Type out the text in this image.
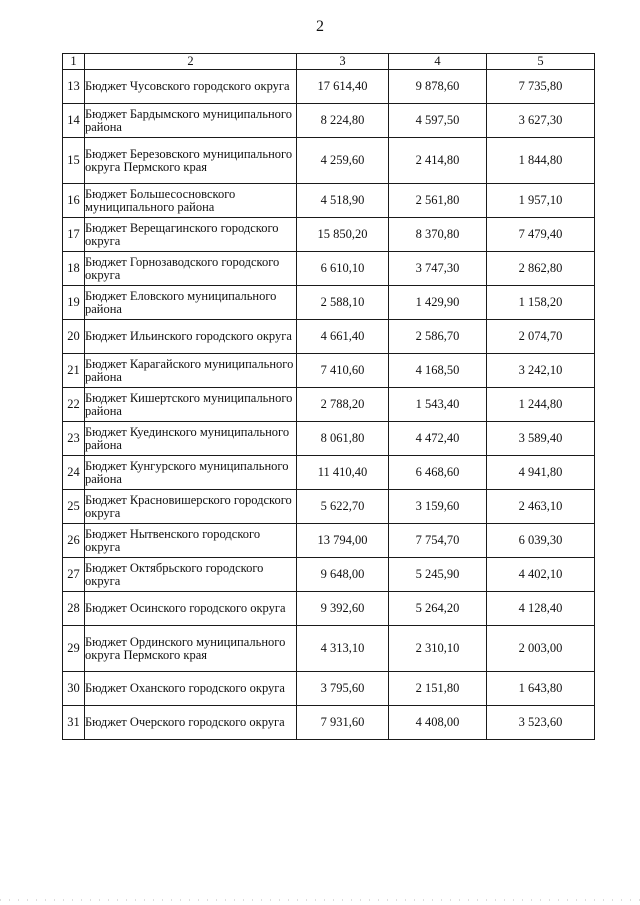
2
1	2	3	4	5
13	Бюджет Чусовского городского округа	17 614,40	9 878,60	7 735,80
14	Бюджет Бардымского муниципального района	8 224,80	4 597,50	3 627,30
15	Бюджет Березовского муниципального округа Пермского края	4 259,60	2 414,80	1 844,80
16	Бюджет Большесосновского муниципального района	4 518,90	2 561,80	1 957,10
17	Бюджет Верещагинского городского округа	15 850,20	8 370,80	7 479,40
18	Бюджет Горнозаводского городского округа	6 610,10	3 747,30	2 862,80
19	Бюджет Еловского муниципального района	2 588,10	1 429,90	1 158,20
20	Бюджет Ильинского городского округа	4 661,40	2 586,70	2 074,70
21	Бюджет Карагайского муниципального района	7 410,60	4 168,50	3 242,10
22	Бюджет Кишертского муниципального района	2 788,20	1 543,40	1 244,80
23	Бюджет Куединского муниципального района	8 061,80	4 472,40	3 589,40
24	Бюджет Кунгурского муниципального района	11 410,40	6 468,60	4 941,80
25	Бюджет Красновишерского городского округа	5 622,70	3 159,60	2 463,10
26	Бюджет Нытвенского городского округа	13 794,00	7 754,70	6 039,30
27	Бюджет Октябрьского городского округа	9 648,00	5 245,90	4 402,10
28	Бюджет Осинского городского округа	9 392,60	5 264,20	4 128,40
29	Бюджет Ординского муниципального округа Пермского края	4 313,10	2 310,10	2 003,00
30	Бюджет Оханского городского округа	3 795,60	2 151,80	1 643,80
31	Бюджет Очерского городского округа	7 931,60	4 408,00	3 523,60
